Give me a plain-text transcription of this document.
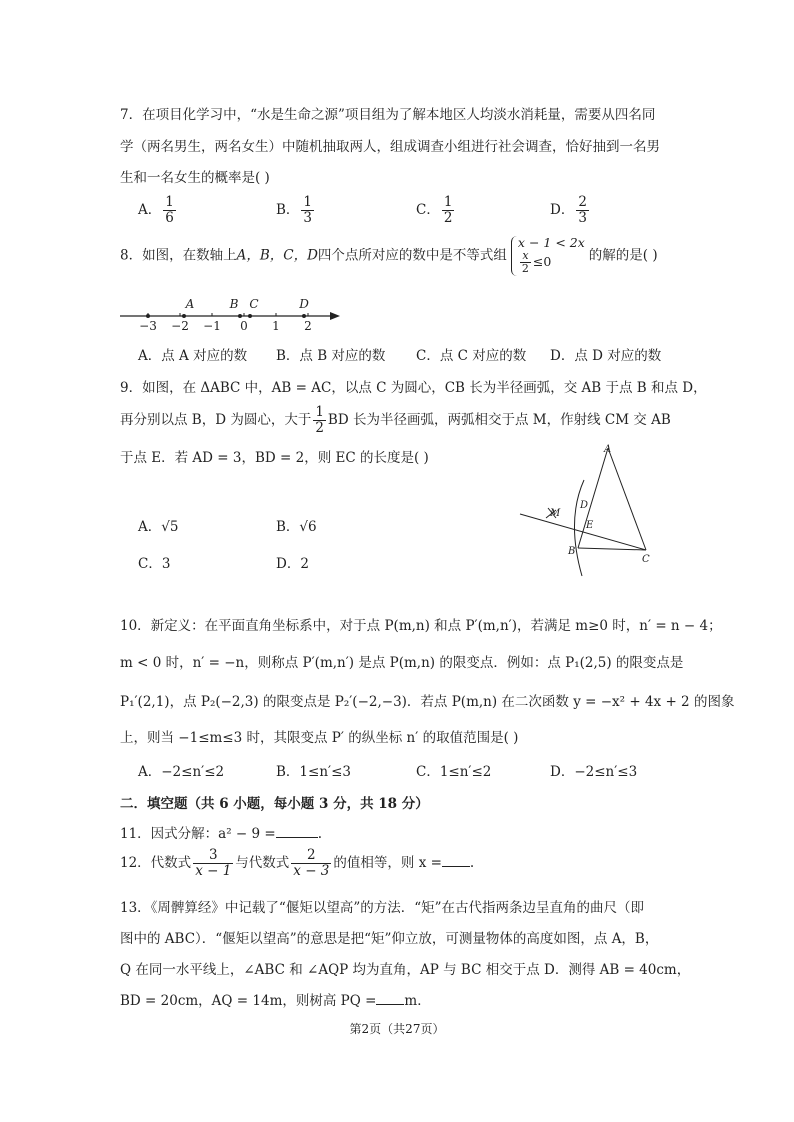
7．在项目化学习中，“水是生命之源”项目组为了解本地区人均淡水消耗量，需要从四名同
学（两名男生，两名女生）中随机抽取两人，组成调查小组进行社会调查，恰好抽到一名男
生和一名女生的概率是( )
A． $\frac{1}{6}$	B． $\frac{1}{3}$	C． $\frac{1}{2}$	D． $\frac{2}{3}$
8．如图，在数轴上A，B，C，D四个点所对应的数中是不等式组
x − 1 < 2x
$\frac{x}{2} \le 0$	的解的是( )
−3 −2 −1 0 1 2
A	B C	D
A．点 A 对应的数 B．点 B 对应的数 C．点 C 对应的数 D．点 D 对应的数
9．如图，在 ΔABC 中，AB = AC，以点 C 为圆心，CB 长为半径画弧，交 AB 于点 B 和点 D，
再分别以点 B，D 为圆心，大于 $\frac{1}{2}$ BD 长为半径画弧，两弧相交于点 M，作射线 CM 交 AB
于点 E．若 AD = 3，BD = 2，则 EC 的长度是( )
A．√5	B．√6
C．3	D．2
A
D
M
E
B
C
10．新定义：在平面直角坐标系中，对于点 P(m,n) 和点 P′(m,n′)，若满足 m≥0 时，n′ = n − 4；
m < 0 时，n′ = −n，则称点 P′(m,n′) 是点 P(m,n) 的限变点．例如：点 P₁(2,5) 的限变点是
P₁′(2,1)，点 P₂(−2,3) 的限变点是 P₂′(−2,−3)．若点 P(m,n) 在二次函数 y = −x² + 4x + 2 的图象
上，则当 −1≤m≤3 时，其限变点 P′ 的纵坐标 n′ 的取值范围是( )
A．−2≤n′≤2	B．1≤n′≤3	C．1≤n′≤2	D．−2≤n′≤3
二．填空题（共 6 小题，每小题 3 分，共 18 分）
11．因式分解：a² − 9 =	.
12．代数式 $\frac{3}{x - 1}$ 与代数式 $\frac{2}{x - 3}$ 的值相等，则 x = .
13．《周髀算经》中记载了“偃矩以望高”的方法．“矩”在古代指两条边呈直角的曲尺（即
图中的 ABC）．“偃矩以望高”的意思是把“矩”仰立放，可测量物体的高度如图，点 A，B，
Q 在同一水平线上，∠ABC 和 ∠AQP 均为直角，AP 与 BC 相交于点 D．测得 AB = 40cm，
BD = 20cm，AQ = 14m，则树高 PQ = m．
第2页（共27页）
